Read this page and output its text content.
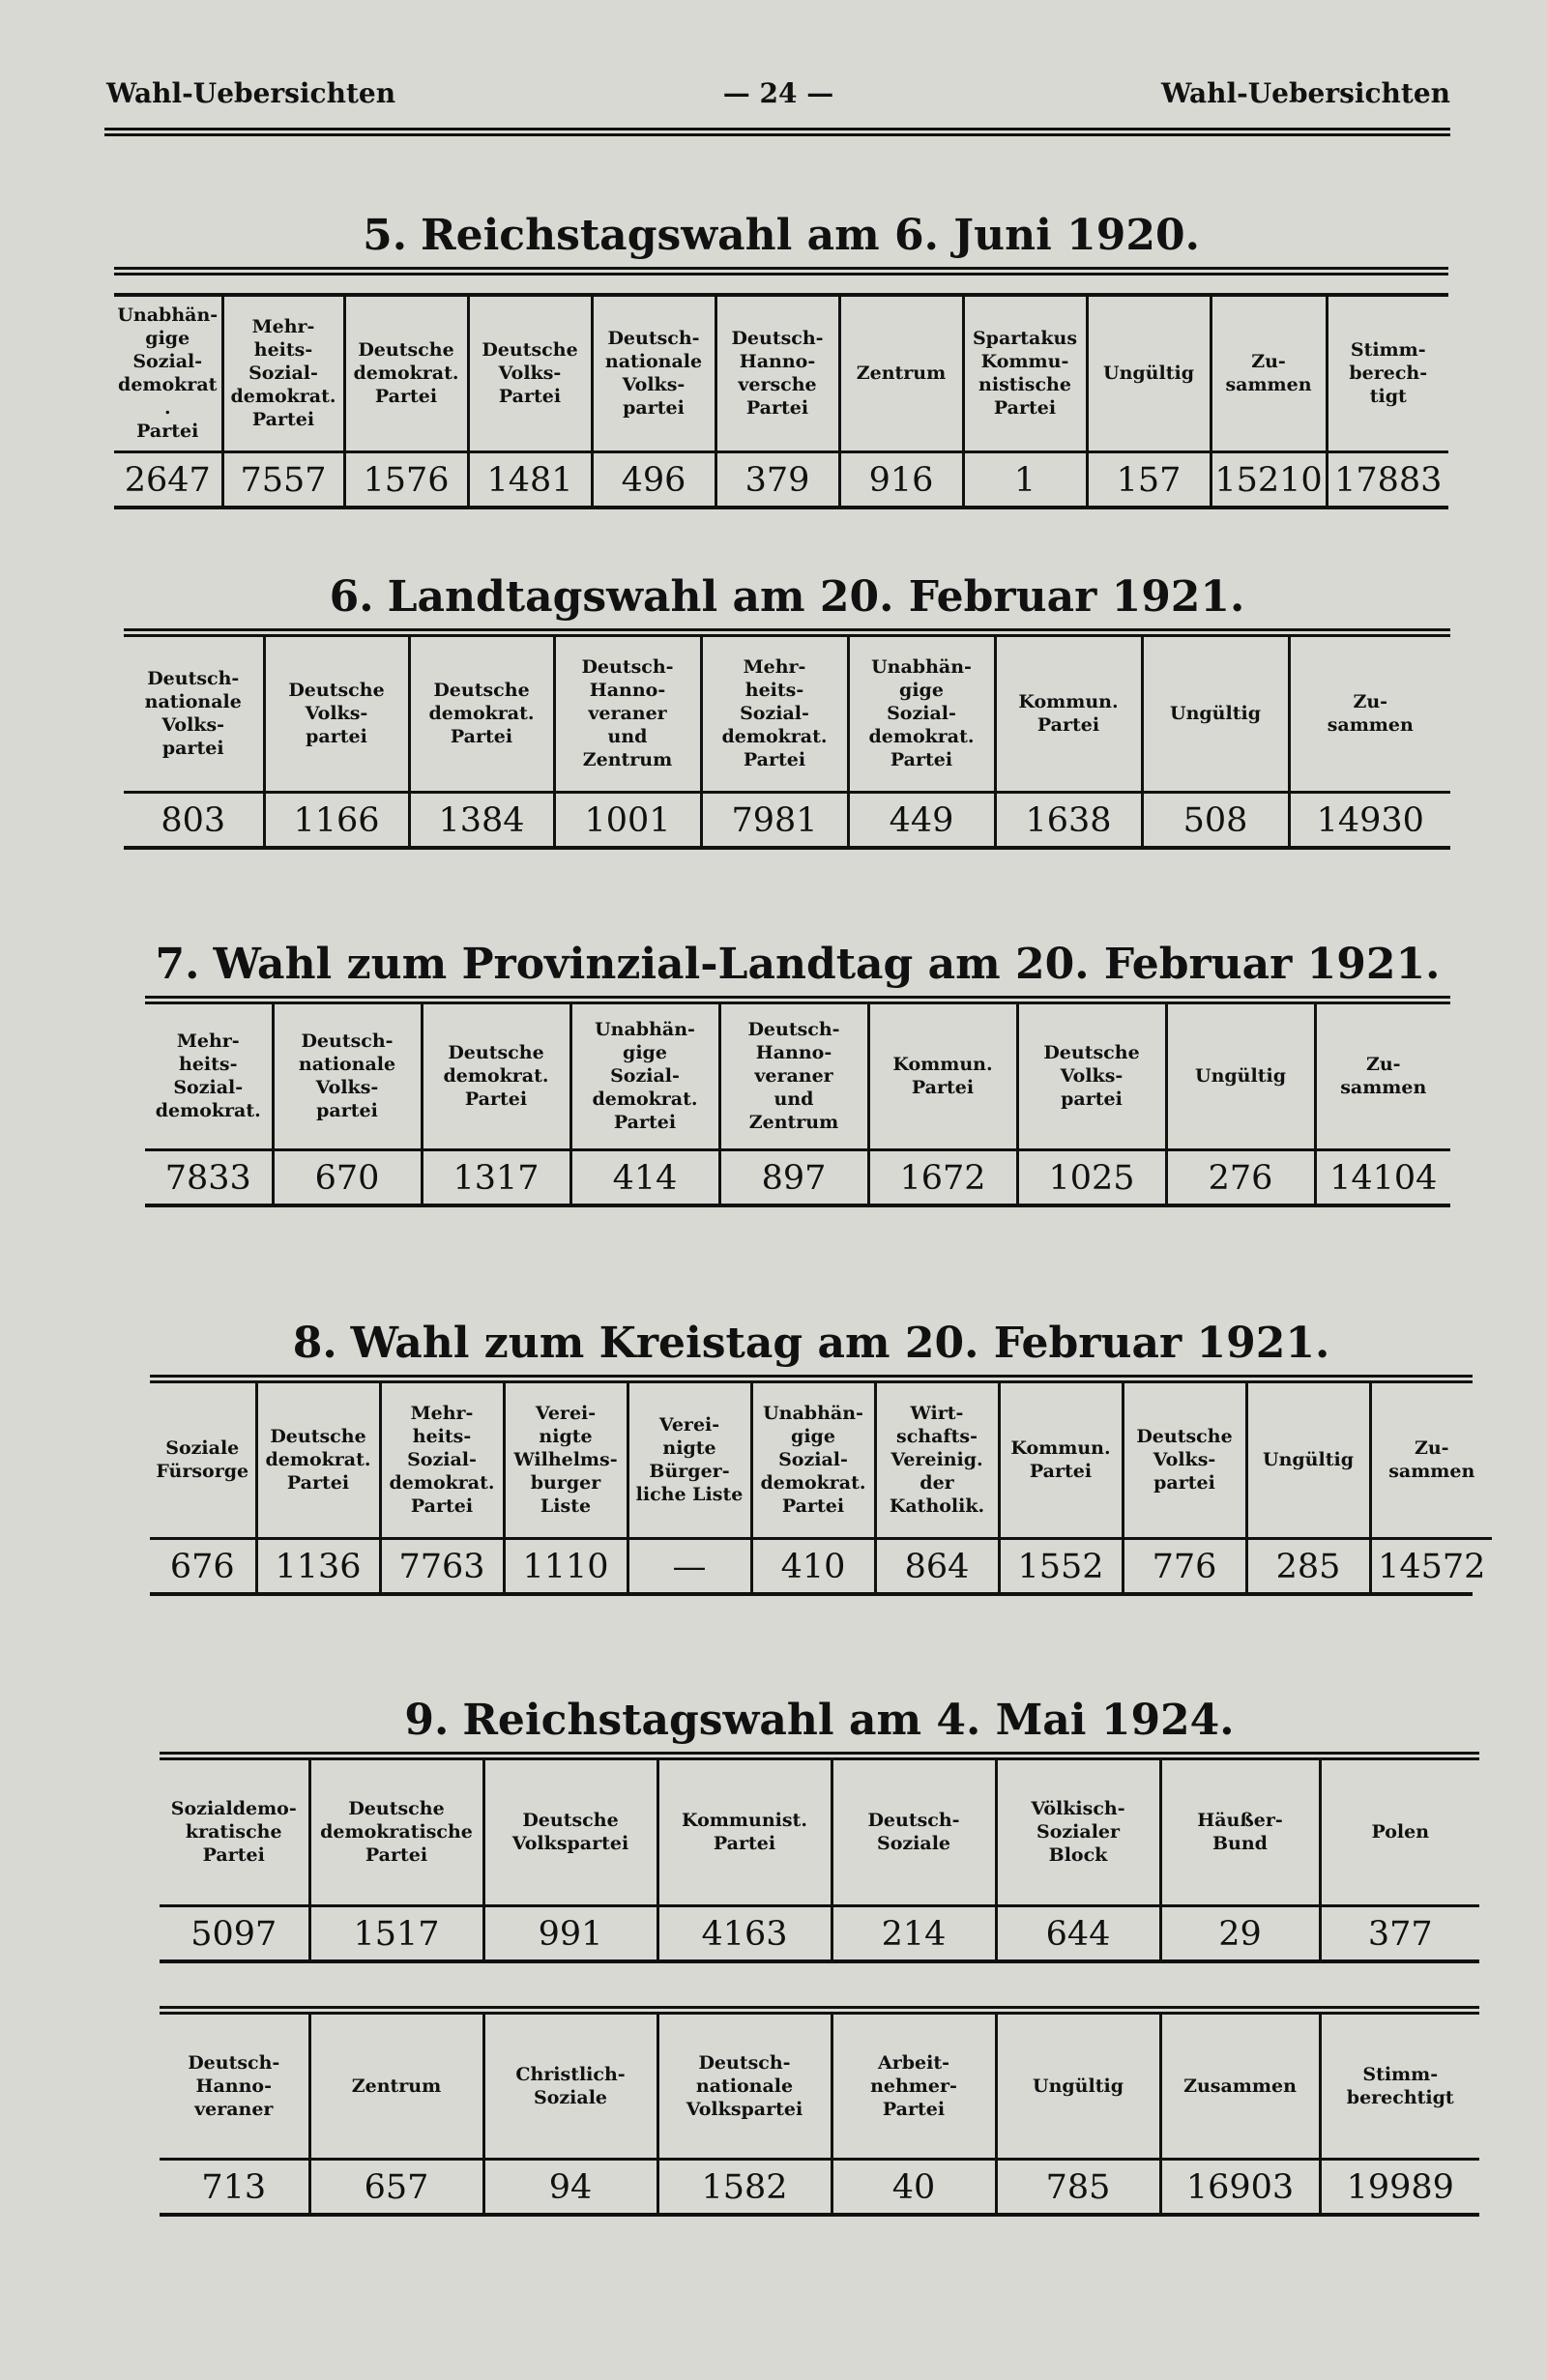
Wahl-Uebersichten	— 24 —	Wahl-Uebersichten
5. Reichstagswahl am 6. Juni 1920.
Unabhän-
gige
Sozial-
demokrat.
Partei	Mehr-
heits-
Sozial-
demokrat.
Partei	Deutsche
demokrat.
Partei	Deutsche
Volks-
Partei	Deutsch-
nationale
Volks-
partei	Deutsch-
Hanno-
versche
Partei	Zentrum	Spartakus
Kommu-
nistische
Partei	Ungültig	Zu-
sammen	Stimm-
berech-
tigt
2647	7557	1576	1481	496	379	916	1	157	15210	17883
6. Landtagswahl am 20. Februar 1921.
Deutsch-
nationale
Volks-
partei	Deutsche
Volks-
partei	Deutsche
demokrat.
Partei	Deutsch-
Hanno-
veraner
und
Zentrum	Mehr-
heits-
Sozial-
demokrat.
Partei	Unabhän-
gige
Sozial-
demokrat.
Partei	Kommun.
Partei	Ungültig	Zu-
sammen
803	1166	1384	1001	7981	449	1638	508	14930
7. Wahl zum Provinzial-Landtag am 20. Februar 1921.
Mehr-
heits-
Sozial-
demokrat.	Deutsch-
nationale
Volks-
partei	Deutsche
demokrat.
Partei	Unabhän-
gige
Sozial-
demokrat.
Partei	Deutsch-
Hanno-
veraner
und
Zentrum	Kommun.
Partei	Deutsche
Volks-
partei	Ungültig	Zu-
sammen
7833	670	1317	414	897	1672	1025	276	14104
8. Wahl zum Kreistag am 20. Februar 1921.
Soziale
Fürsorge	Deutsche
demokrat.
Partei	Mehr-
heits-
Sozial-
demokrat.
Partei	Verei-
nigte
Wilhelms-
burger
Liste	Verei-
nigte
Bürger-
liche Liste	Unabhän-
gige
Sozial-
demokrat.
Partei	Wirt-
schafts-
Vereinig.
der
Katholik.	Kommun.
Partei	Deutsche
Volks-
partei	Ungültig	Zu-
sammen
676	1136	7763	1110	—	410	864	1552	776	285	14572
9. Reichstagswahl am 4. Mai 1924.
Sozialdemo-
kratische
Partei	Deutsche
demokratische
Partei	Deutsche
Volkspartei	Kommunist.
Partei	Deutsch-
Soziale	Völkisch-
Sozialer
Block	Häußer-
Bund	Polen
5097	1517	991	4163	214	644	29	377
Deutsch-
Hanno-
veraner	Zentrum	Christlich-
Soziale	Deutsch-
nationale
Volkspartei	Arbeit-
nehmer-
Partei	Ungültig	Zusammen	Stimm-
berechtigt
713	657	94	1582	40	785	16903	19989
